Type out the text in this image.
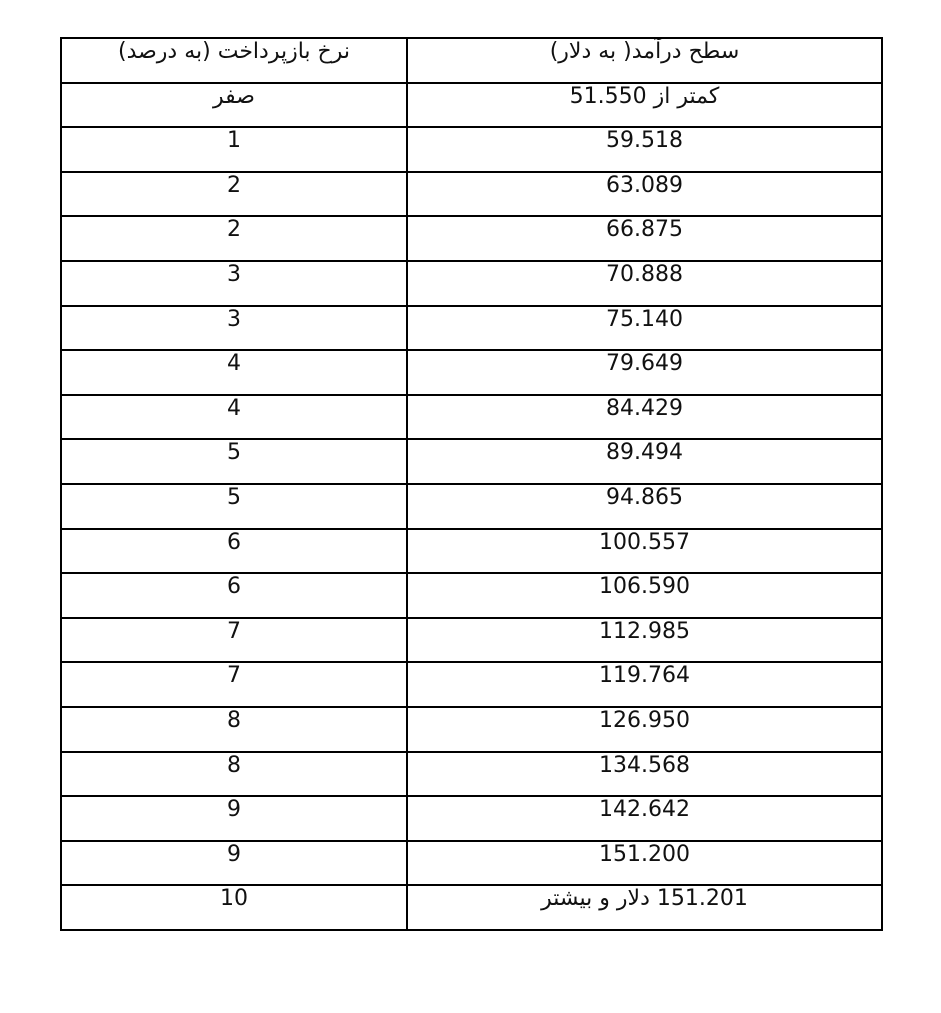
نرخ بازپرداخت (به درصد)	سطح درآمد( به دلار)
صفر	کمتر از 51.550
1	59.518
2	63.089
2	66.875
3	70.888
3	75.140
4	79.649
4	84.429
5	89.494
5	94.865
6	100.557
6	106.590
7	112.985
7	119.764
8	126.950
8	134.568
9	142.642
9	151.200
10	151.201 دلار و بیشتر
